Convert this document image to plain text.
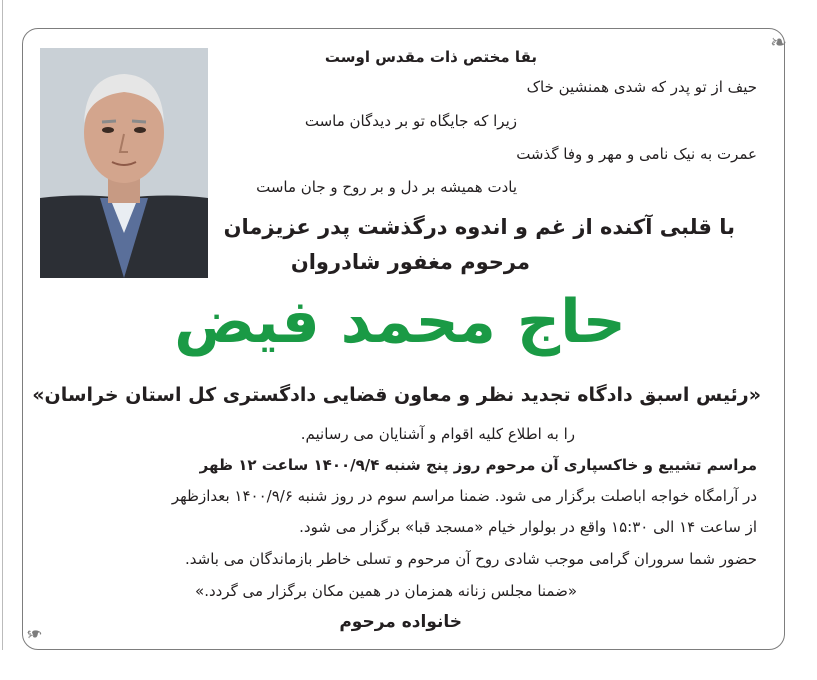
❧
❧
بقا مختص ذات مقدس اوست
حیف از تو پدر که شدی همنشین خاک
زیرا که جایگاه تو بر دیدگان ماست
عمرت به نیک نامی و مهر و وفا گذشت
یادت همیشه بر دل و بر روح و جان ماست
با قلبی آکنده از غم و اندوه درگذشت پدر عزیزمان
مرحوم مغفور شادروان
حاج محمد فیض
«رئیس اسبق دادگاه تجدید نظر و معاون قضایی دادگستری کل استان خراسان»
را به اطلاع کلیه اقوام و آشنایان می رسانیم.
مراسم تشییع و خاکسپاری آن مرحوم روز پنج شنبه ۱۴۰۰/۹/۴ ساعت ۱۲ ظهر
در آرامگاه خواجه اباصلت برگزار می شود. ضمنا مراسم سوم در روز شنبه ۱۴۰۰/۹/۶ بعدازظهر
از ساعت ۱۴ الی ۱۵:۳۰ واقع در بولوار خیام «مسجد قبا» برگزار می شود.
حضور شما سروران گرامی موجب شادی روح آن مرحوم و تسلی خاطر بازماندگان می باشد.
«ضمنا مجلس زنانه همزمان در همین مکان برگزار می گردد.»
خانواده مرحوم
